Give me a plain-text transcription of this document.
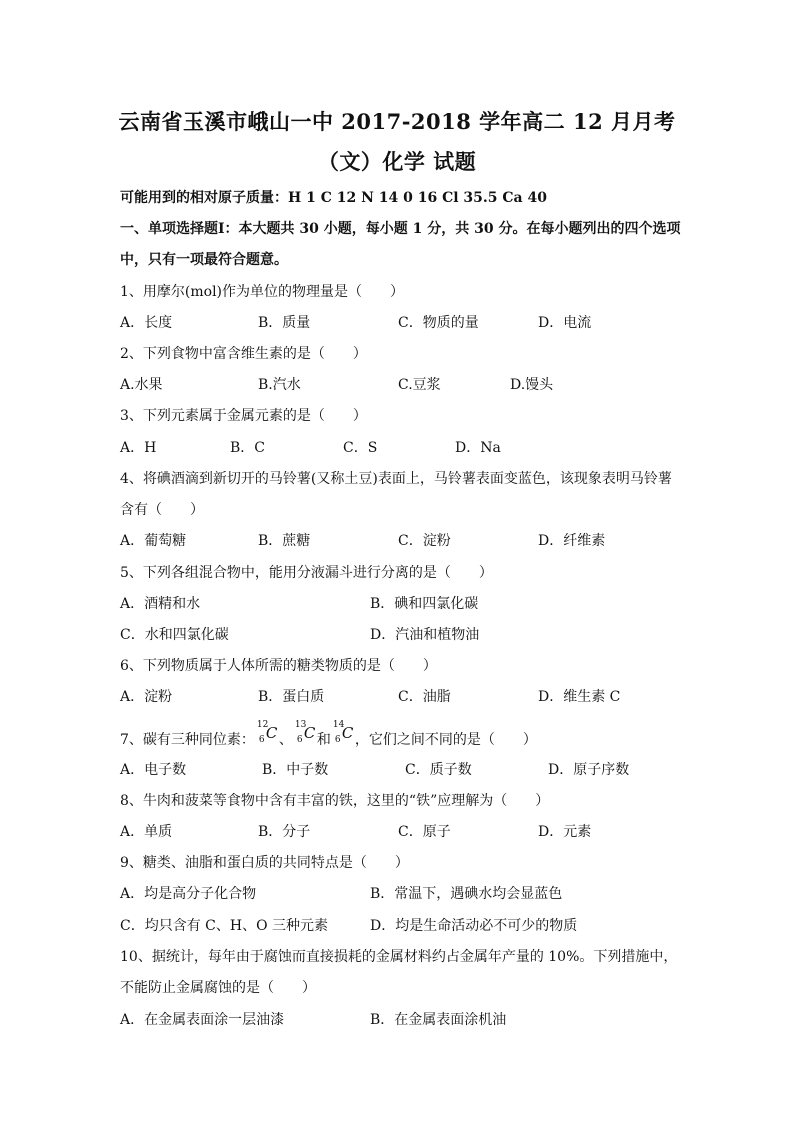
云南省玉溪市峨山一中 2017-2018 学年高二 12 月月考
（文）化学 试题
可能用到的相对原子质量：H 1 C 12 N 14 0 16 Cl 35.5 Ca 40
一、单项选择题Ⅰ：本大题共 30 小题，每小题 1 分，共 30 分。在每小题列出的四个选项
中，只有一项最符合题意。
1、用摩尔(mol)作为单位的物理量是（　　）
A．长度	B．质量	C．物质的量	D．电流
2、下列食物中富含维生素的是（　　）
A.水果	B.汽水	C.豆浆	D.馒头
3、下列元素属于金属元素的是（　　）
A．H	B．C	C．S	D．Na
4、将碘酒滴到新切开的马铃薯(又称土豆)表面上，马铃薯表面变蓝色，该现象表明马铃薯
含有（　　）
A．葡萄糖	B．蔗糖	C．淀粉	D．纤维素
5、下列各组混合物中，能用分液漏斗进行分离的是（　　）
A．酒精和水	B．碘和四氯化碳
C．水和四氯化碳	D．汽油和植物油
6、下列物质属于人体所需的糖类物质的是（　　）
A．淀粉	B．蛋白质	C．油脂	D．维生素 C
7、碳有三种同位素：
12
6 C 、
13
6 C 和
14
6 C ，它们之间不同的是（　　）
A．电子数	B．中子数	C．质子数	D．原子序数
8、牛肉和菠菜等食物中含有丰富的铁，这里的“铁”应理解为（　　）
A．单质	B．分子	C．原子	D．元素
9、糖类、油脂和蛋白质的共同特点是（　　）
A．均是高分子化合物	B．常温下，遇碘水均会显蓝色
C．均只含有 C、H、O 三种元素	D．均是生命活动必不可少的物质
10、据统计，每年由于腐蚀而直接损耗的金属材料约占金属年产量的 10%。下列措施中，
不能防止金属腐蚀的是（　　）
A．在金属表面涂一层油漆	B．在金属表面涂机油
